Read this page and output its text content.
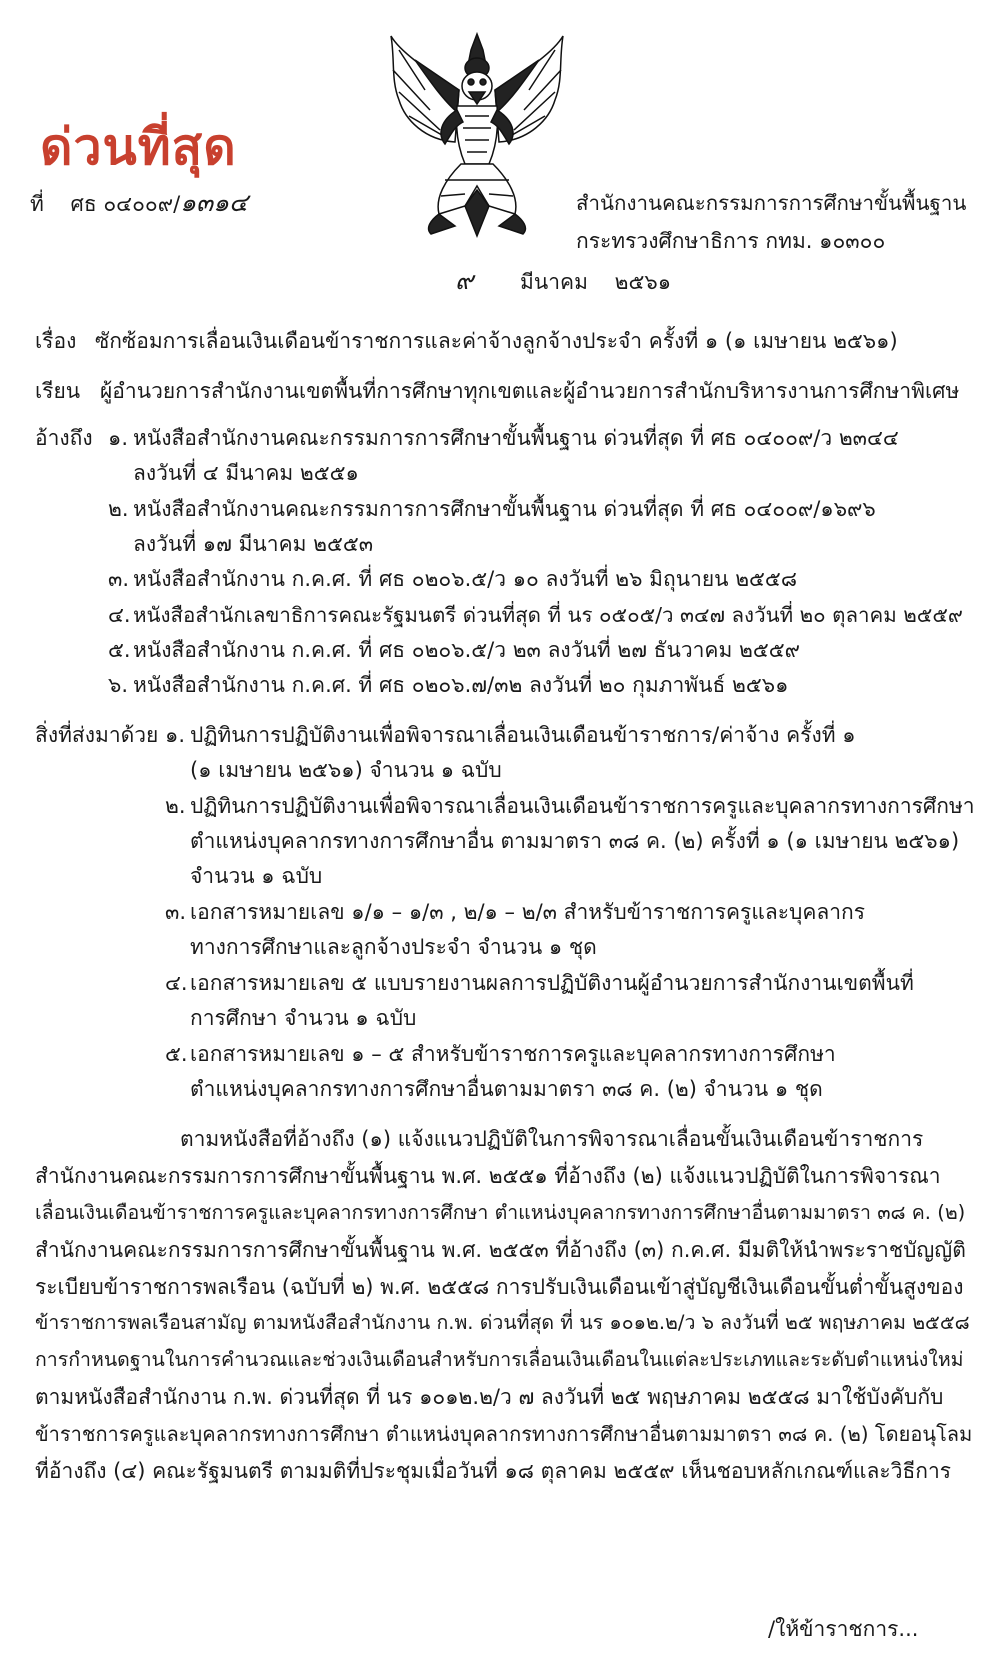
ด่วนที่สุด
ที่ ศธ ๐๔๐๐๙/๑๓๑๔	สำนักงานคณะกรรมการการศึกษาขั้นพื้นฐาน
กระทรวงศึกษาธิการ กทม. ๑๐๓๐๐
๙ มีนาคม ๒๕๖๑
เรื่อง ซักซ้อมการเลื่อนเงินเดือนข้าราชการและค่าจ้างลูกจ้างประจำ ครั้งที่ ๑ (๑ เมษายน ๒๕๖๑)
เรียน ผู้อำนวยการสำนักงานเขตพื้นที่การศึกษาทุกเขตและผู้อำนวยการสำนักบริหารงานการศึกษาพิเศษ
อ้างถึง ๑. หนังสือสำนักงานคณะกรรมการการศึกษาขั้นพื้นฐาน ด่วนที่สุด ที่ ศธ ๐๔๐๐๙/ว ๒๓๔๔
ลงวันที่ ๔ มีนาคม ๒๕๕๑
๒. หนังสือสำนักงานคณะกรรมการการศึกษาขั้นพื้นฐาน ด่วนที่สุด ที่ ศธ ๐๔๐๐๙/๑๖๙๖
ลงวันที่ ๑๗ มีนาคม ๒๕๕๓
๓. หนังสือสำนักงาน ก.ค.ศ. ที่ ศธ ๐๒๐๖.๕/ว ๑๐ ลงวันที่ ๒๖ มิถุนายน ๒๕๕๘
๔. หนังสือสำนักเลขาธิการคณะรัฐมนตรี ด่วนที่สุด ที่ นร ๐๕๐๕/ว ๓๔๗ ลงวันที่ ๒๐ ตุลาคม ๒๕๕๙
๕. หนังสือสำนักงาน ก.ค.ศ. ที่ ศธ ๐๒๐๖.๕/ว ๒๓ ลงวันที่ ๒๗ ธันวาคม ๒๕๕๙
๖. หนังสือสำนักงาน ก.ค.ศ. ที่ ศธ ๐๒๐๖.๗/๓๒ ลงวันที่ ๒๐ กุมภาพันธ์ ๒๕๖๑
สิ่งที่ส่งมาด้วย ๑. ปฏิทินการปฏิบัติงานเพื่อพิจารณาเลื่อนเงินเดือนข้าราชการ/ค่าจ้าง ครั้งที่ ๑
(๑ เมษายน ๒๕๖๑) จำนวน ๑ ฉบับ
๒. ปฏิทินการปฏิบัติงานเพื่อพิจารณาเลื่อนเงินเดือนข้าราชการครูและบุคลากรทางการศึกษา
ตำแหน่งบุคลากรทางการศึกษาอื่น ตามมาตรา ๓๘ ค. (๒) ครั้งที่ ๑ (๑ เมษายน ๒๕๖๑)
จำนวน ๑ ฉบับ
๓. เอกสารหมายเลข ๑/๑ – ๑/๓ , ๒/๑ – ๒/๓ สำหรับข้าราชการครูและบุคลากร
ทางการศึกษาและลูกจ้างประจำ จำนวน ๑ ชุด
๔. เอกสารหมายเลข ๕ แบบรายงานผลการปฏิบัติงานผู้อำนวยการสำนักงานเขตพื้นที่
การศึกษา จำนวน ๑ ฉบับ
๕. เอกสารหมายเลข ๑ – ๕ สำหรับข้าราชการครูและบุคลากรทางการศึกษา
ตำแหน่งบุคลากรทางการศึกษาอื่นตามมาตรา ๓๘ ค. (๒) จำนวน ๑ ชุด
ตามหนังสือที่อ้างถึง (๑) แจ้งแนวปฏิบัติในการพิจารณาเลื่อนขั้นเงินเดือนข้าราชการ
สำนักงานคณะกรรมการการศึกษาขั้นพื้นฐาน พ.ศ. ๒๕๕๑ ที่อ้างถึง (๒) แจ้งแนวปฏิบัติในการพิจารณา
เลื่อนเงินเดือนข้าราชการครูและบุคลากรทางการศึกษา ตำแหน่งบุคลากรทางการศึกษาอื่นตามมาตรา ๓๘ ค. (๒)
สำนักงานคณะกรรมการการศึกษาขั้นพื้นฐาน พ.ศ. ๒๕๕๓ ที่อ้างถึง (๓) ก.ค.ศ. มีมติให้นำพระราชบัญญัติ
ระเบียบข้าราชการพลเรือน (ฉบับที่ ๒) พ.ศ. ๒๕๕๘ การปรับเงินเดือนเข้าสู่บัญชีเงินเดือนขั้นต่ำขั้นสูงของ
ข้าราชการพลเรือนสามัญ ตามหนังสือสำนักงาน ก.พ. ด่วนที่สุด ที่ นร ๑๐๑๒.๒/ว ๖ ลงวันที่ ๒๕ พฤษภาคม ๒๕๕๘
การกำหนดฐานในการคำนวณและช่วงเงินเดือนสำหรับการเลื่อนเงินเดือนในแต่ละประเภทและระดับตำแหน่งใหม่
ตามหนังสือสำนักงาน ก.พ. ด่วนที่สุด ที่ นร ๑๐๑๒.๒/ว ๗ ลงวันที่ ๒๕ พฤษภาคม ๒๕๕๘ มาใช้บังคับกับ
ข้าราชการครูและบุคลากรทางการศึกษา ตำแหน่งบุคลากรทางการศึกษาอื่นตามมาตรา ๓๘ ค. (๒) โดยอนุโลม
ที่อ้างถึง (๔) คณะรัฐมนตรี ตามมติที่ประชุมเมื่อวันที่ ๑๘ ตุลาคม ๒๕๕๙ เห็นชอบหลักเกณฑ์และวิธีการ
/ให้ข้าราชการ...
